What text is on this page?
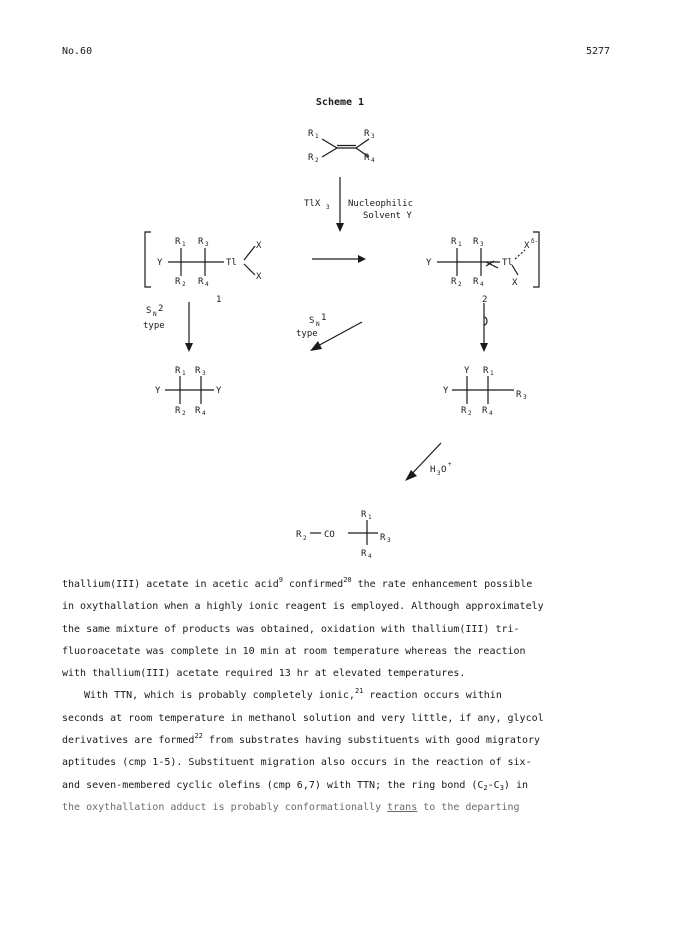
No.60	5277
Scheme 1
R 1
R 2
R 3
R 4
TlX 3 Nucleophilic
Solvent Y
Y
R 1 R 3
R 2 R 4
Tl
X
X
1
Y
R 1 R 3
R 2 R 4
Tl
X δ-
X
2
S N
2
type	S N
1
type
Y	Y
R 1 R 3
R 2 R 4
Y
Y R 1
R 3
R 2 R 4
H 3 O
+
R 2 CO
R 1
R 3
R 4
thallium(III) acetate in acetic acid$^9$ confirmed$^{20}$ the rate enhancement possible
in oxythallation when a highly ionic reagent is employed. Although approximately
the same mixture of products was obtained, oxidation with thallium(III) tri-
fluoroacetate was complete in 10 min at room temperature whereas the reaction
with thallium(III) acetate required 13 hr at elevated temperatures.
With TTN, which is probably completely ionic,$^{21}$ reaction occurs within
seconds at room temperature in methanol solution and very little, if any, glycol
derivatives are formed$^{22}$ from substrates having substituents with good migratory
aptitudes (cmp 1-5). Substituent migration also occurs in the reaction of six-
and seven-membered cyclic olefins (cmp 6,7) with TTN; the ring bond $(C_2-C_3)$ in
the oxythallation adduct is probably conformationally trans to the departing
